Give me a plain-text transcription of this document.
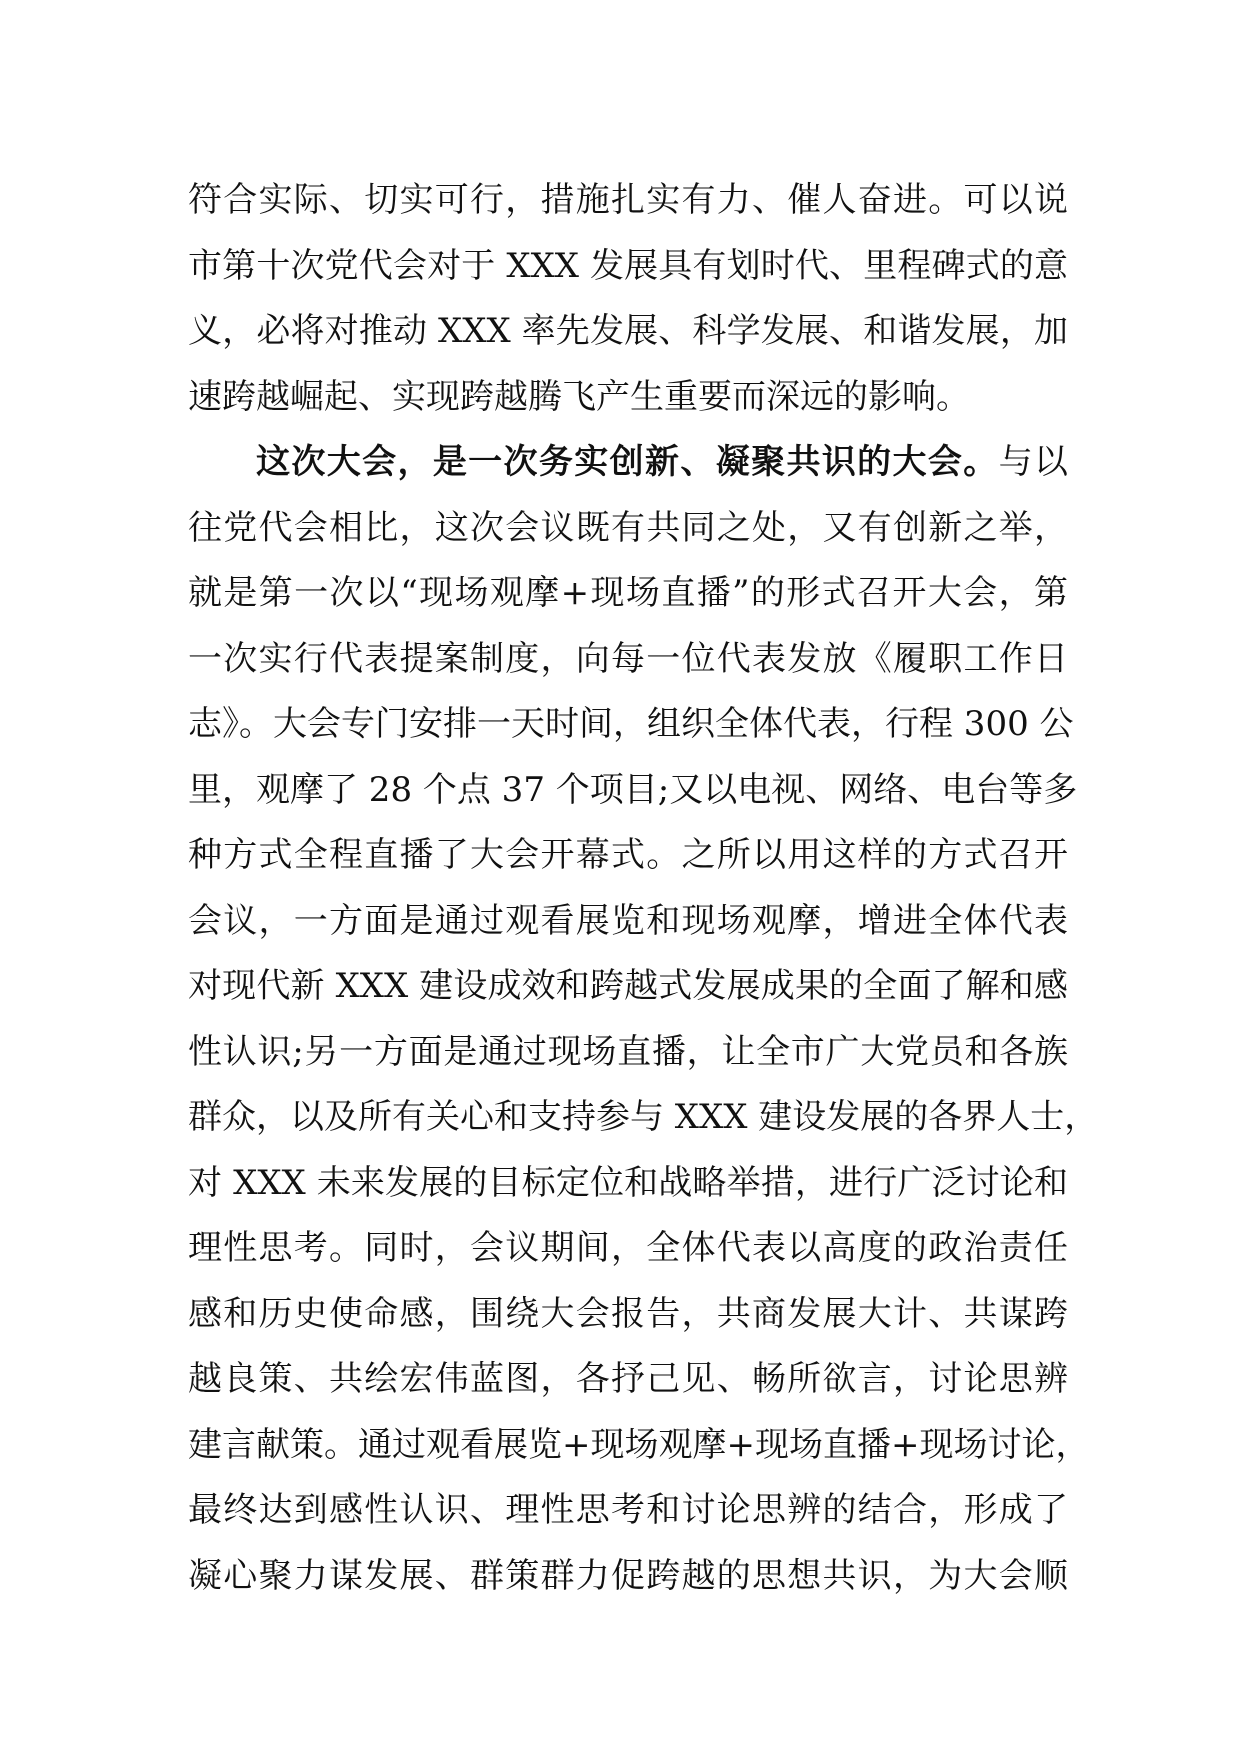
符合实际、切实可行，措施扎实有力、催人奋进。可以说
市第十次党代会对于 XXX 发展具有划时代、里程碑式的意
义，必将对推动 XXX 率先发展、科学发展、和谐发展，加
速跨越崛起、实现跨越腾飞产生重要而深远的影响。
这次大会，是一次务实创新、凝聚共识的大会。与以
往党代会相比，这次会议既有共同之处，又有创新之举，
就是第一次以“现场观摩+现场直播”的形式召开大会，第
一次实行代表提案制度，向每一位代表发放《履职工作日
志》。大会专门安排一天时间，组织全体代表，行程 300 公
里，观摩了 28 个点 37 个项目;又以电视、网络、电台等多
种方式全程直播了大会开幕式。之所以用这样的方式召开
会议，一方面是通过观看展览和现场观摩，增进全体代表
对现代新 XXX 建设成效和跨越式发展成果的全面了解和感
性认识;另一方面是通过现场直播，让全市广大党员和各族
群众，以及所有关心和支持参与 XXX 建设发展的各界人士，
对 XXX 未来发展的目标定位和战略举措，进行广泛讨论和
理性思考。同时，会议期间，全体代表以高度的政治责任
感和历史使命感，围绕大会报告，共商发展大计、共谋跨
越良策、共绘宏伟蓝图，各抒己见、畅所欲言，讨论思辨
建言献策。通过观看展览+现场观摩+现场直播+现场讨论，
最终达到感性认识、理性思考和讨论思辨的结合，形成了
凝心聚力谋发展、群策群力促跨越的思想共识，为大会顺
